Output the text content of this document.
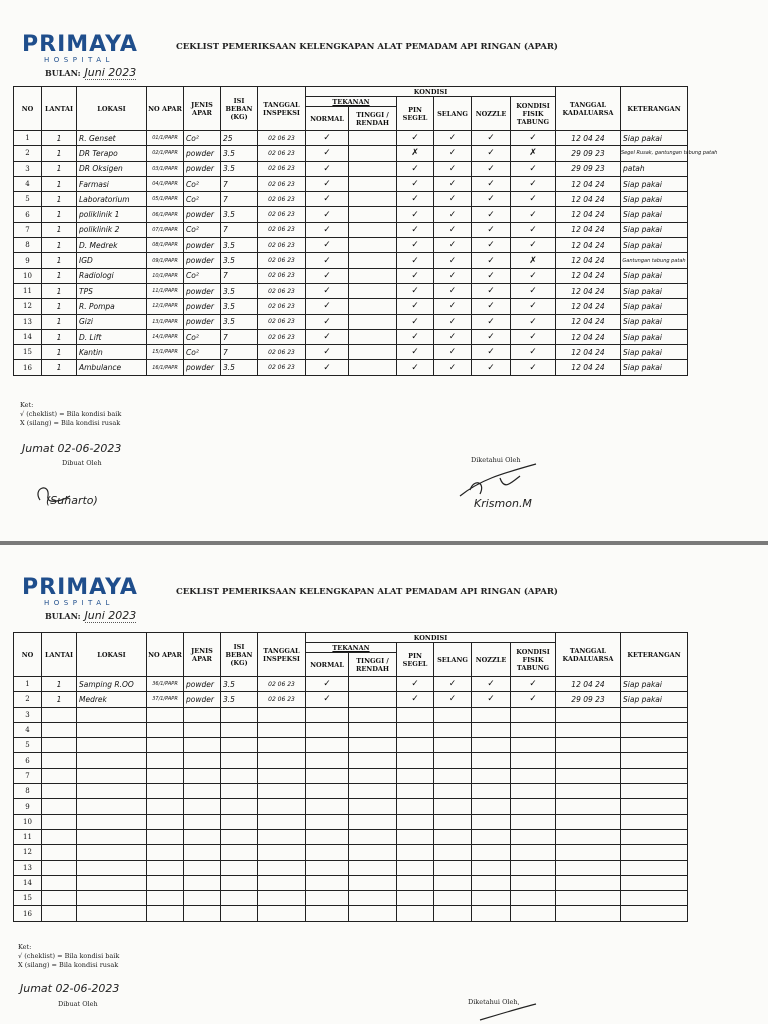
PRIMAYA
HOSPITAL
CEKLIST PEMERIKSAAN KELENGKAPAN ALAT PEMADAM API RINGAN (APAR)
BULAN: Juni 2023
NO	LANTAI	LOKASI	NO APAR	JENIS APAR	ISI BEBAN (KG)	TANGGAL INSPEKSI	KONDISI						TANGGAL KADALUARSA	KETERANGAN
							TEKANAN		PIN SEGEL	SELANG	NOZZLE	KONDISI FISIK TABUNG		
							NORMAL	TINGGI / RENDAH						
1	1	R. Genset	01/1/PAPR	Co²	25	02 06 23	✓		✓	✓	✓	✓	12 04 24	Siap pakai
2	1	DR Terapo	02/1/PAPR	powder	3.5	02 06 23	✓		✗	✓	✓	✗	29 09 23	Segel Rusak, gantungan tabung patah
3	1	DR Oksigen	03/1/PAPR	powder	3.5	02 06 23	✓		✓	✓	✓	✓	29 09 23	patah
4	1	Farmasi	04/1/PAPR	Co²	7	02 06 23	✓		✓	✓	✓	✓	12 04 24	Siap pakai
5	1	Laboratorium	05/1/PAPR	Co²	7	02 06 23	✓		✓	✓	✓	✓	12 04 24	Siap pakai
6	1	poliklinik 1	06/1/PAPR	powder	3.5	02 06 23	✓		✓	✓	✓	✓	12 04 24	Siap pakai
7	1	poliklinik 2	07/1/PAPR	Co²	7	02 06 23	✓		✓	✓	✓	✓	12 04 24	Siap pakai
8	1	D. Medrek	08/1/PAPR	powder	3.5	02 06 23	✓		✓	✓	✓	✓	12 04 24	Siap pakai
9	1	IGD	09/1/PAPR	powder	3.5	02 06 23	✓		✓	✓	✓	✗	12 04 24	Gantungan tabung patah
10	1	Radiologi	10/1/PAPR	Co²	7	02 06 23	✓		✓	✓	✓	✓	12 04 24	Siap pakai
11	1	TPS	11/1/PAPR	powder	3.5	02 06 23	✓		✓	✓	✓	✓	12 04 24	Siap pakai
12	1	R. Pompa	12/1/PAPR	powder	3.5	02 06 23	✓		✓	✓	✓	✓	12 04 24	Siap pakai
13	1	Gizi	13/1/PAPR	powder	3.5	02 06 23	✓		✓	✓	✓	✓	12 04 24	Siap pakai
14	1	D. Lift	14/1/PAPR	Co²	7	02 06 23	✓		✓	✓	✓	✓	12 04 24	Siap pakai
15	1	Kantin	15/1/PAPR	Co²	7	02 06 23	✓		✓	✓	✓	✓	12 04 24	Siap pakai
16	1	Ambulance	16/1/PAPR	powder	3.5	02 06 23	✓		✓	✓	✓	✓	12 04 24	Siap pakai
Ket:
√ (cheklist) = Bila kondisi baik
X (silang) = Bila kondisi rusak
Jumat 02-06-2023
Dibuat Oleh	Diketahui Oleh
(Suharto)	Krismon.M
PRIMAYA
HOSPITAL
CEKLIST PEMERIKSAAN KELENGKAPAN ALAT PEMADAM API RINGAN (APAR)
BULAN: Juni 2023
NO	LANTAI	LOKASI	NO APAR	JENIS APAR	ISI BEBAN (KG)	TANGGAL INSPEKSI	KONDISI						TANGGAL KADALUARSA	KETERANGAN
							TEKANAN		PIN SEGEL	SELANG	NOZZLE	KONDISI FISIK TABUNG		
							NORMAL	TINGGI / RENDAH						
1	1	Samping R.OO	36/1/PAPR	powder	3.5	02 06 23	✓		✓	✓	✓	✓	12 04 24	Siap pakai
2	1	Medrek	37/1/PAPR	powder	3.5	02 06 23	✓		✓	✓	✓	✓	29 09 23	Siap pakai
3														
4														
5														
6														
7														
8														
9														
10														
11														
12														
13														
14														
15														
16														
Ket:
√ (cheklist) = Bila kondisi baik
X (silang) = Bila kondisi rusak
Jumat 02-06-2023
Dibuat Oleh	Diketahui Oleh,
